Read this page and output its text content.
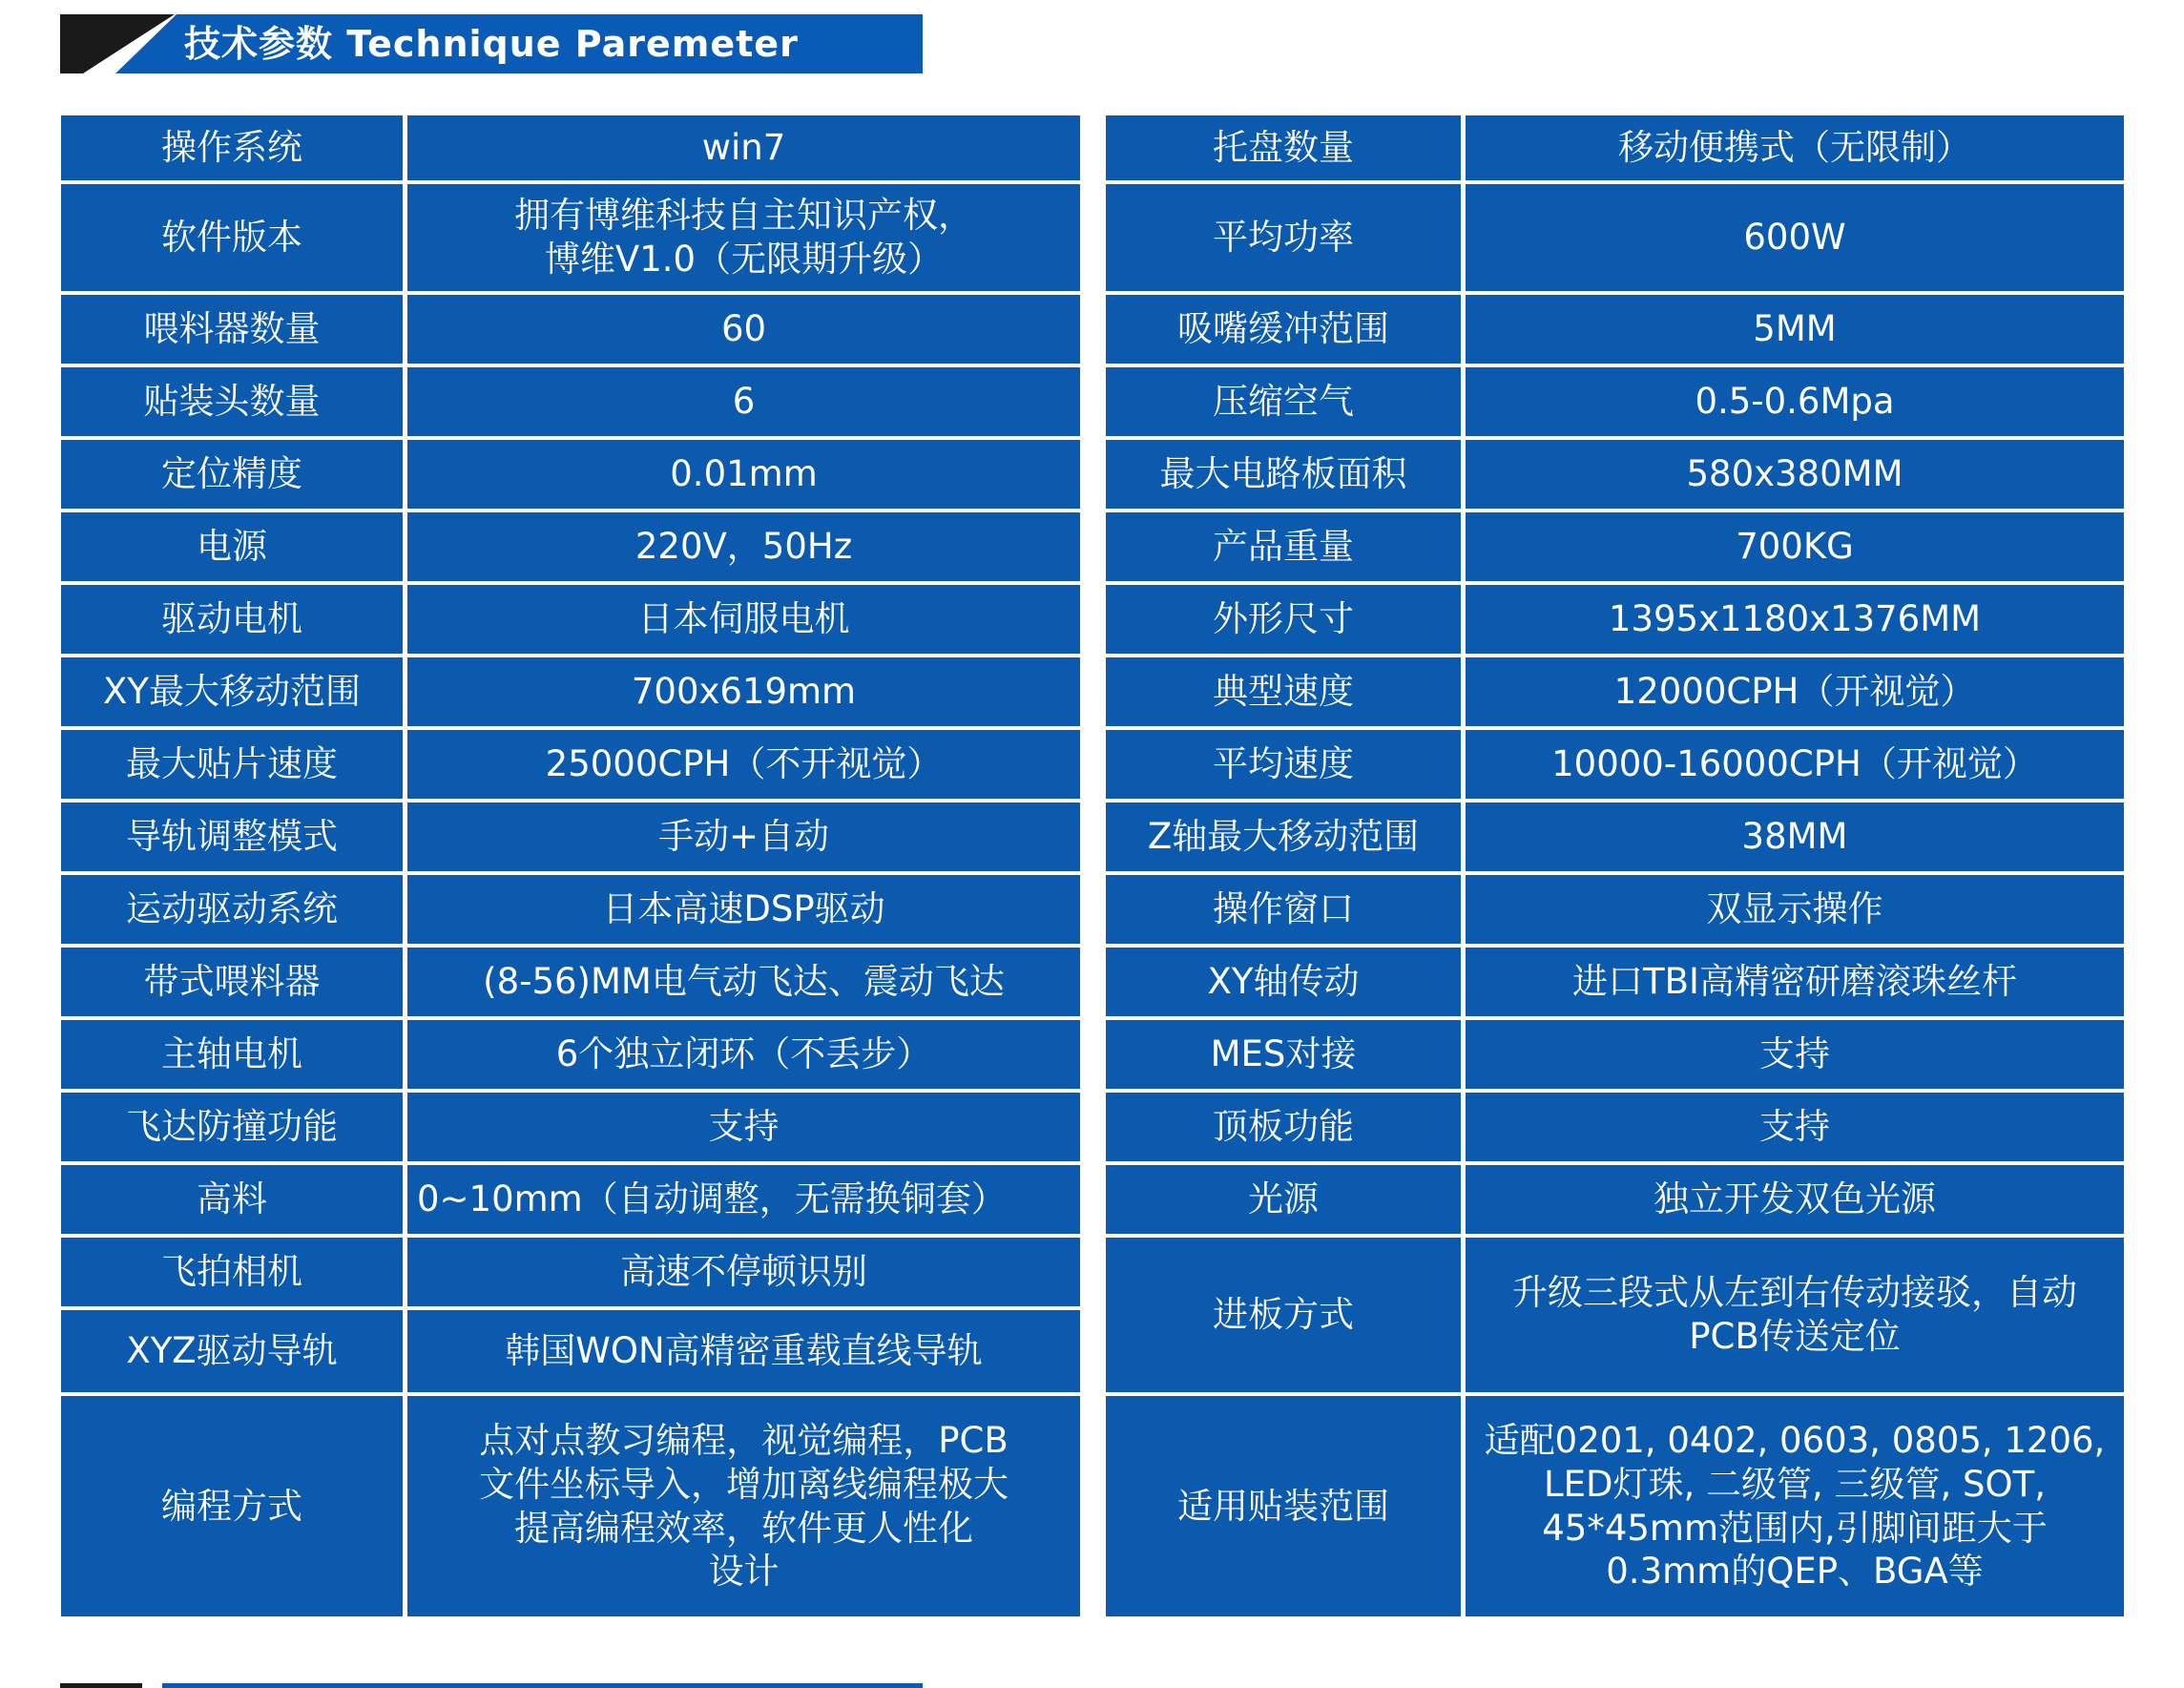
技术参数 Technique Paremeter
操作系统	win7
软件版本	拥有博维科技自主知识产权，
博维V1.0（无限期升级）
喂料器数量	60
贴装头数量	6
定位精度	0.01mm
电源	220V，50Hz
驱动电机	日本伺服电机
XY最大移动范围	700x619mm
最大贴片速度	25000CPH（不开视觉）
导轨调整模式	手动+自动
运动驱动系统	日本高速DSP驱动
带式喂料器	(8-56)MM电气动飞达、震动飞达
主轴电机	6个独立闭环（不丢步）
飞达防撞功能	支持
高料	0~10mm（自动调整，无需换铜套）
飞拍相机	高速不停顿识别
XYZ驱动导轨	韩国WON高精密重载直线导轨
编程方式	点对点教习编程，视觉编程，PCB
文件坐标导入，增加离线编程极大
提高编程效率，软件更人性化
设计
托盘数量	移动便携式（无限制）
平均功率	600W
吸嘴缓冲范围	5MM
压缩空气	0.5-0.6Mpa
最大电路板面积	580x380MM
产品重量	700KG
外形尺寸	1395x1180x1376MM
典型速度	12000CPH（开视觉）
平均速度	10000-16000CPH（开视觉）
Z轴最大移动范围	38MM
操作窗口	双显示操作
XY轴传动	进口TBI高精密研磨滚珠丝杆
MES对接	支持
顶板功能	支持
光源	独立开发双色光源
进板方式	升级三段式从左到右传动接驳，自动
PCB传送定位
适用贴装范围	适配0201, 0402, 0603, 0805, 1206,
LED灯珠, 二级管, 三级管, SOT,
45*45mm范围内,引脚间距大于
0.3mm的QEP、BGA等
